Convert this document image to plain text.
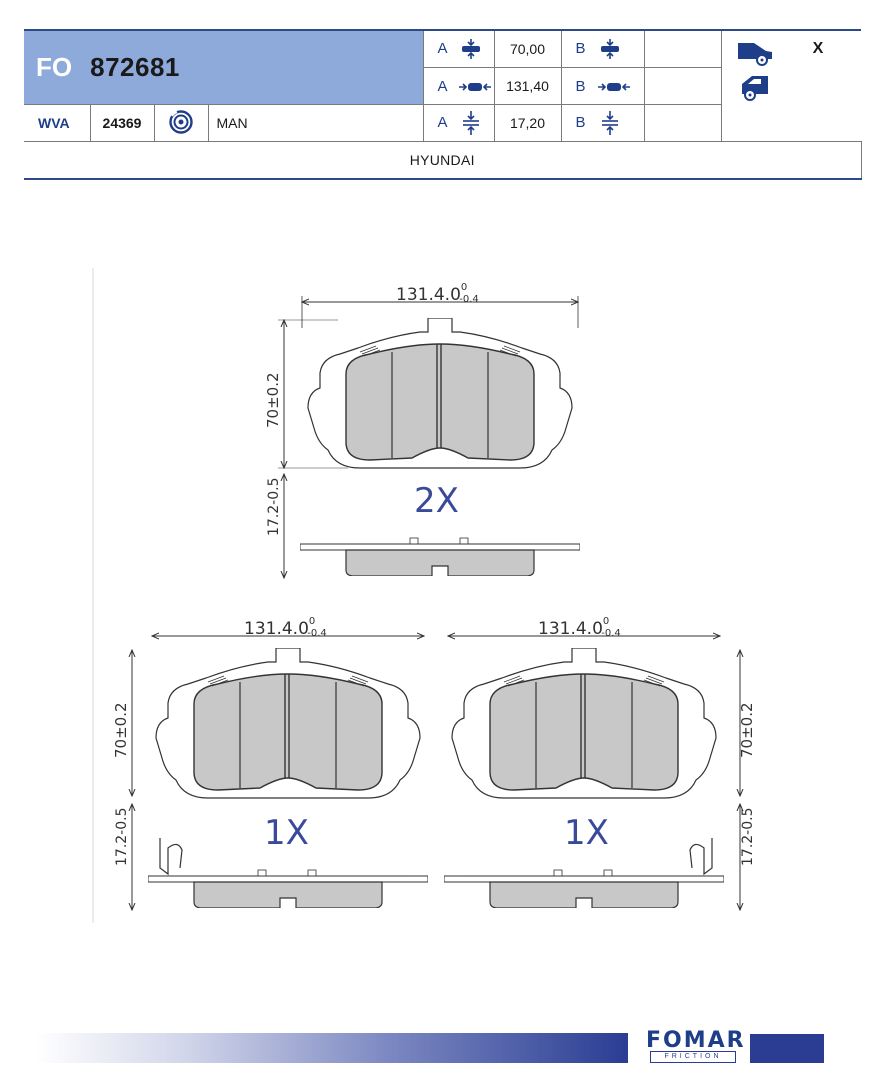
FO 872681				A	70,00	B			X
				A	131,40	B			
WVA	24369		MAN	A	17,20	B			
HYUNDAI									
131.4.0$^0$ -0.4
70±0.2
2X
17.2-0.5
131.4.0$^0$ -0.4
70±0.2
1X
17.2-0.5
131.4.0$^0$ -0.4
70±0.2
1X	17.2-0.5
FOMAR
FRICTION
